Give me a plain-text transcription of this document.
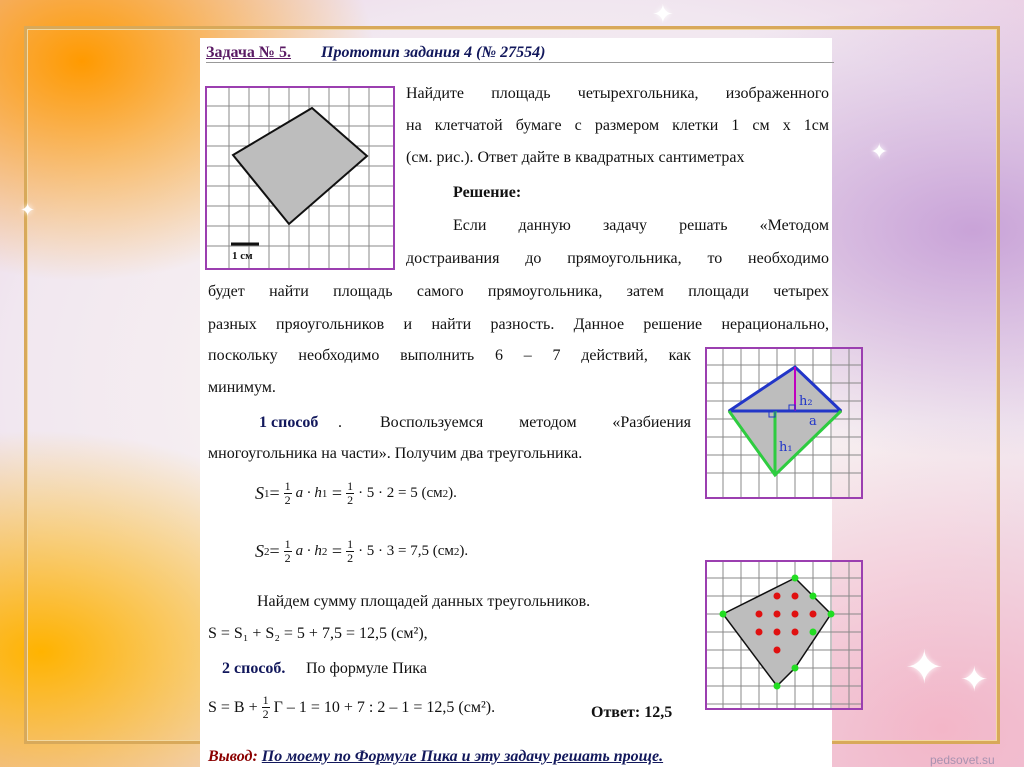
✦
✦ ✦
✦
✦
Задача № 5. Прототип задания 4 (№ 27554)
1 см
Найдите площадь четырехгольника, изображенного
на клетчатой бумаге с размером клетки 1 см х 1см
(см. рис.). Ответ дайте в квадратных сантиметрах
Решение:
Если данную задачу решать «Методом
достраивания до прямоугольника, то необходимо
будет найти площадь самого прямоугольника, затем площади четырех
разных пряоугольников и найти разность. Данное решение нерационально,
поскольку необходимо выполнить 6 – 7 действий, как
минимум.
1 способ . Воспользуемся методом «Разбиения
многоугольника на части». Получим два треугольника.
S $1 = \frac{1}{2}$ a · h $1 = \frac{1}{2} \cdot 5 \cdot 2 = 5$ (см 2 ).
S $2 = \frac{1}{2}$ a · h $2 = \frac{1}{2} \cdot 5 \cdot 3 = 7,5$ (см 2 ).
Найдем сумму площадей данных треугольников.
S = S₁ + S₂ = 5 + 7,5 = 12,5 (см²),
2 способ. По формуле Пика
$S = В + \frac{1}{2}$ Г – 1 = 10 + 7 : 2 – 1 = 12,5 (см²).	Ответ: 12,5
h₂
a
h₁
Вывод: По моему по Формуле Пика и эту задачу решать проще.	pedsovet.su
